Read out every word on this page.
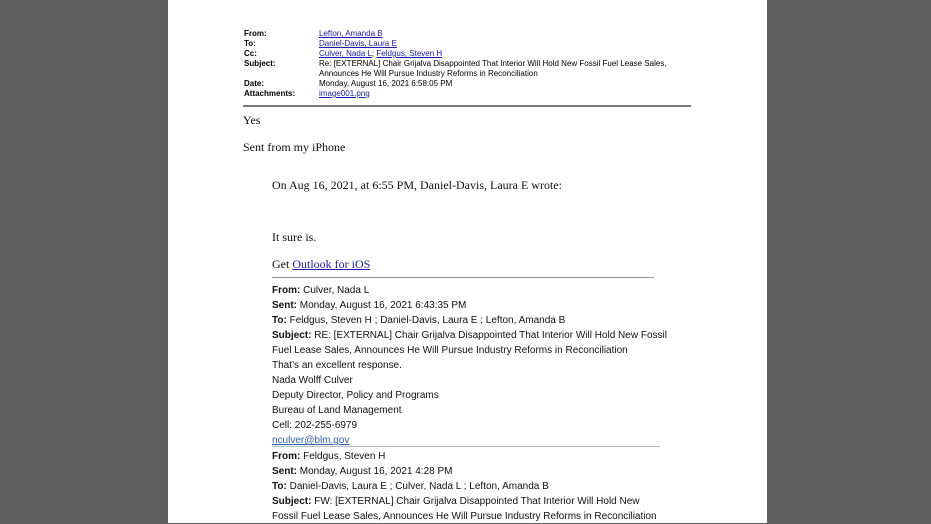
From:	Lefton, Amanda B
To:	Daniel-Davis, Laura E
Cc:	Culver, Nada L; Feldgus, Steven H
Subject:	Re: [EXTERNAL] Chair Grijalva Disappointed That Interior Will Hold New Fossil Fuel Lease Sales, Announces He Will Pursue Industry Reforms in Reconciliation
Date:	Monday, August 16, 2021 6:58:05 PM
Attachments:	image001.png
Yes
Sent from my iPhone
On Aug 16, 2021, at 6:55 PM, Daniel-Davis, Laura E wrote:
It sure is.
Get Outlook for iOS
From: Culver, Nada L
Sent: Monday, August 16, 2021 6:43:35 PM
To: Feldgus, Steven H ; Daniel-Davis, Laura E ; Lefton, Amanda B
Subject: RE: [EXTERNAL] Chair Grijalva Disappointed That Interior Will Hold New Fossil Fuel Lease Sales, Announces He Will Pursue Industry Reforms in Reconciliation
That’s an excellent response.
Nada Wolff Culver
Deputy Director, Policy and Programs
Bureau of Land Management
Cell: 202-255-6979
nculver@blm.gov
From: Feldgus, Steven H
Sent: Monday, August 16, 2021 4:28 PM
To: Daniel-Davis, Laura E ; Culver, Nada L ; Lefton, Amanda B
Subject: FW: [EXTERNAL] Chair Grijalva Disappointed That Interior Will Hold New Fossil Fuel Lease Sales, Announces He Will Pursue Industry Reforms in Reconciliation
